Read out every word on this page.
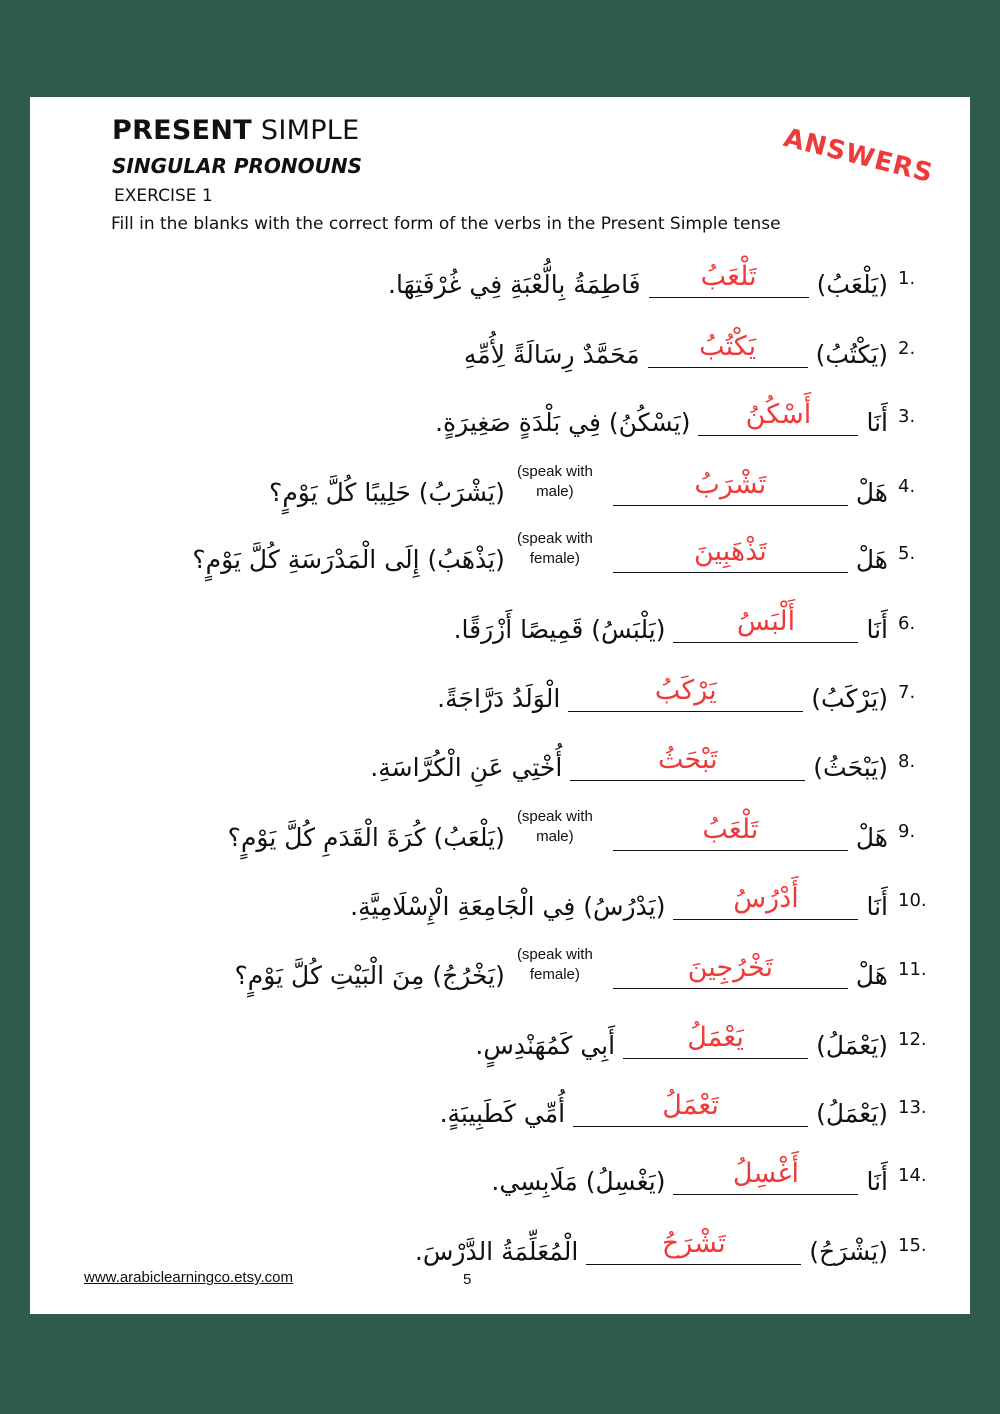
PRESENT SIMPLE
SINGULAR PRONOUNS
EXERCISE 1
Fill in the blanks with the correct form of the verbs in the Present Simple tense
ANSWERS
1.
(يَلْعَبُ)
تَلْعَبُ
فَاطِمَةُ بِالُّعْبَةِ فِي غُرْفَتِهَا.
2.
(يَكْتُبُ)
يَكْتُبُ
مَحَمَّدٌ رِسَالَةً لِأُمِّهِ
3.
أَنَا
أَسْكُنُ
(يَسْكُنُ) فِي بَلْدَةٍ صَغِيرَةٍ.
4.
هَلْ
تَشْرَبُ
(speak with male)
(يَشْرَبُ) حَلِيبًا كُلَّ يَوْمٍ؟
5.
هَلْ
تَذْهَبِينَ
(speak with female)
(يَذْهَبُ) إِلَى الْمَدْرَسَةِ كُلَّ يَوْمٍ؟
6.
أَنَا
أَلْبَسُ
(يَلْبَسُ) قَمِيصًا أَزْرَقًا.
7.
(يَرْكَبُ)
يَرْكَبُ
الْوَلَدُ دَرَّاجَةً.
8.
(يَبْحَثُ)
تَبْحَثُ
أُخْتِي عَنِ الْكُرَّاسَةِ.
9.
هَلْ
تَلْعَبُ
(speak with male)
(يَلْعَبُ) كُرَةَ الْقَدَمِ كُلَّ يَوْمٍ؟
10.
أَنَا
أَدْرُسُ
(يَدْرُسُ) فِي الْجَامِعَةِ الْإِسْلَامِيَّةِ.
11.
هَلْ
تَخْرُجِينَ
(speak with female)
(يَخْرُجُ) مِنَ الْبَيْتِ كُلَّ يَوْمٍ؟
12.
(يَعْمَلُ)
يَعْمَلُ
أَبِي كَمُهَنْدِسٍ.
13.
(يَعْمَلُ)
تَعْمَلُ
أُمِّي كَطَبِيبَةٍ.
14.
أَنَا
أَغْسِلُ
(يَغْسِلُ) مَلَابِسِي.
15.
(يَشْرَحُ)
تَشْرَحُ
الْمُعَلِّمَةُ الدَّرْسَ.
www.arabiclearningco.etsy.com	5
